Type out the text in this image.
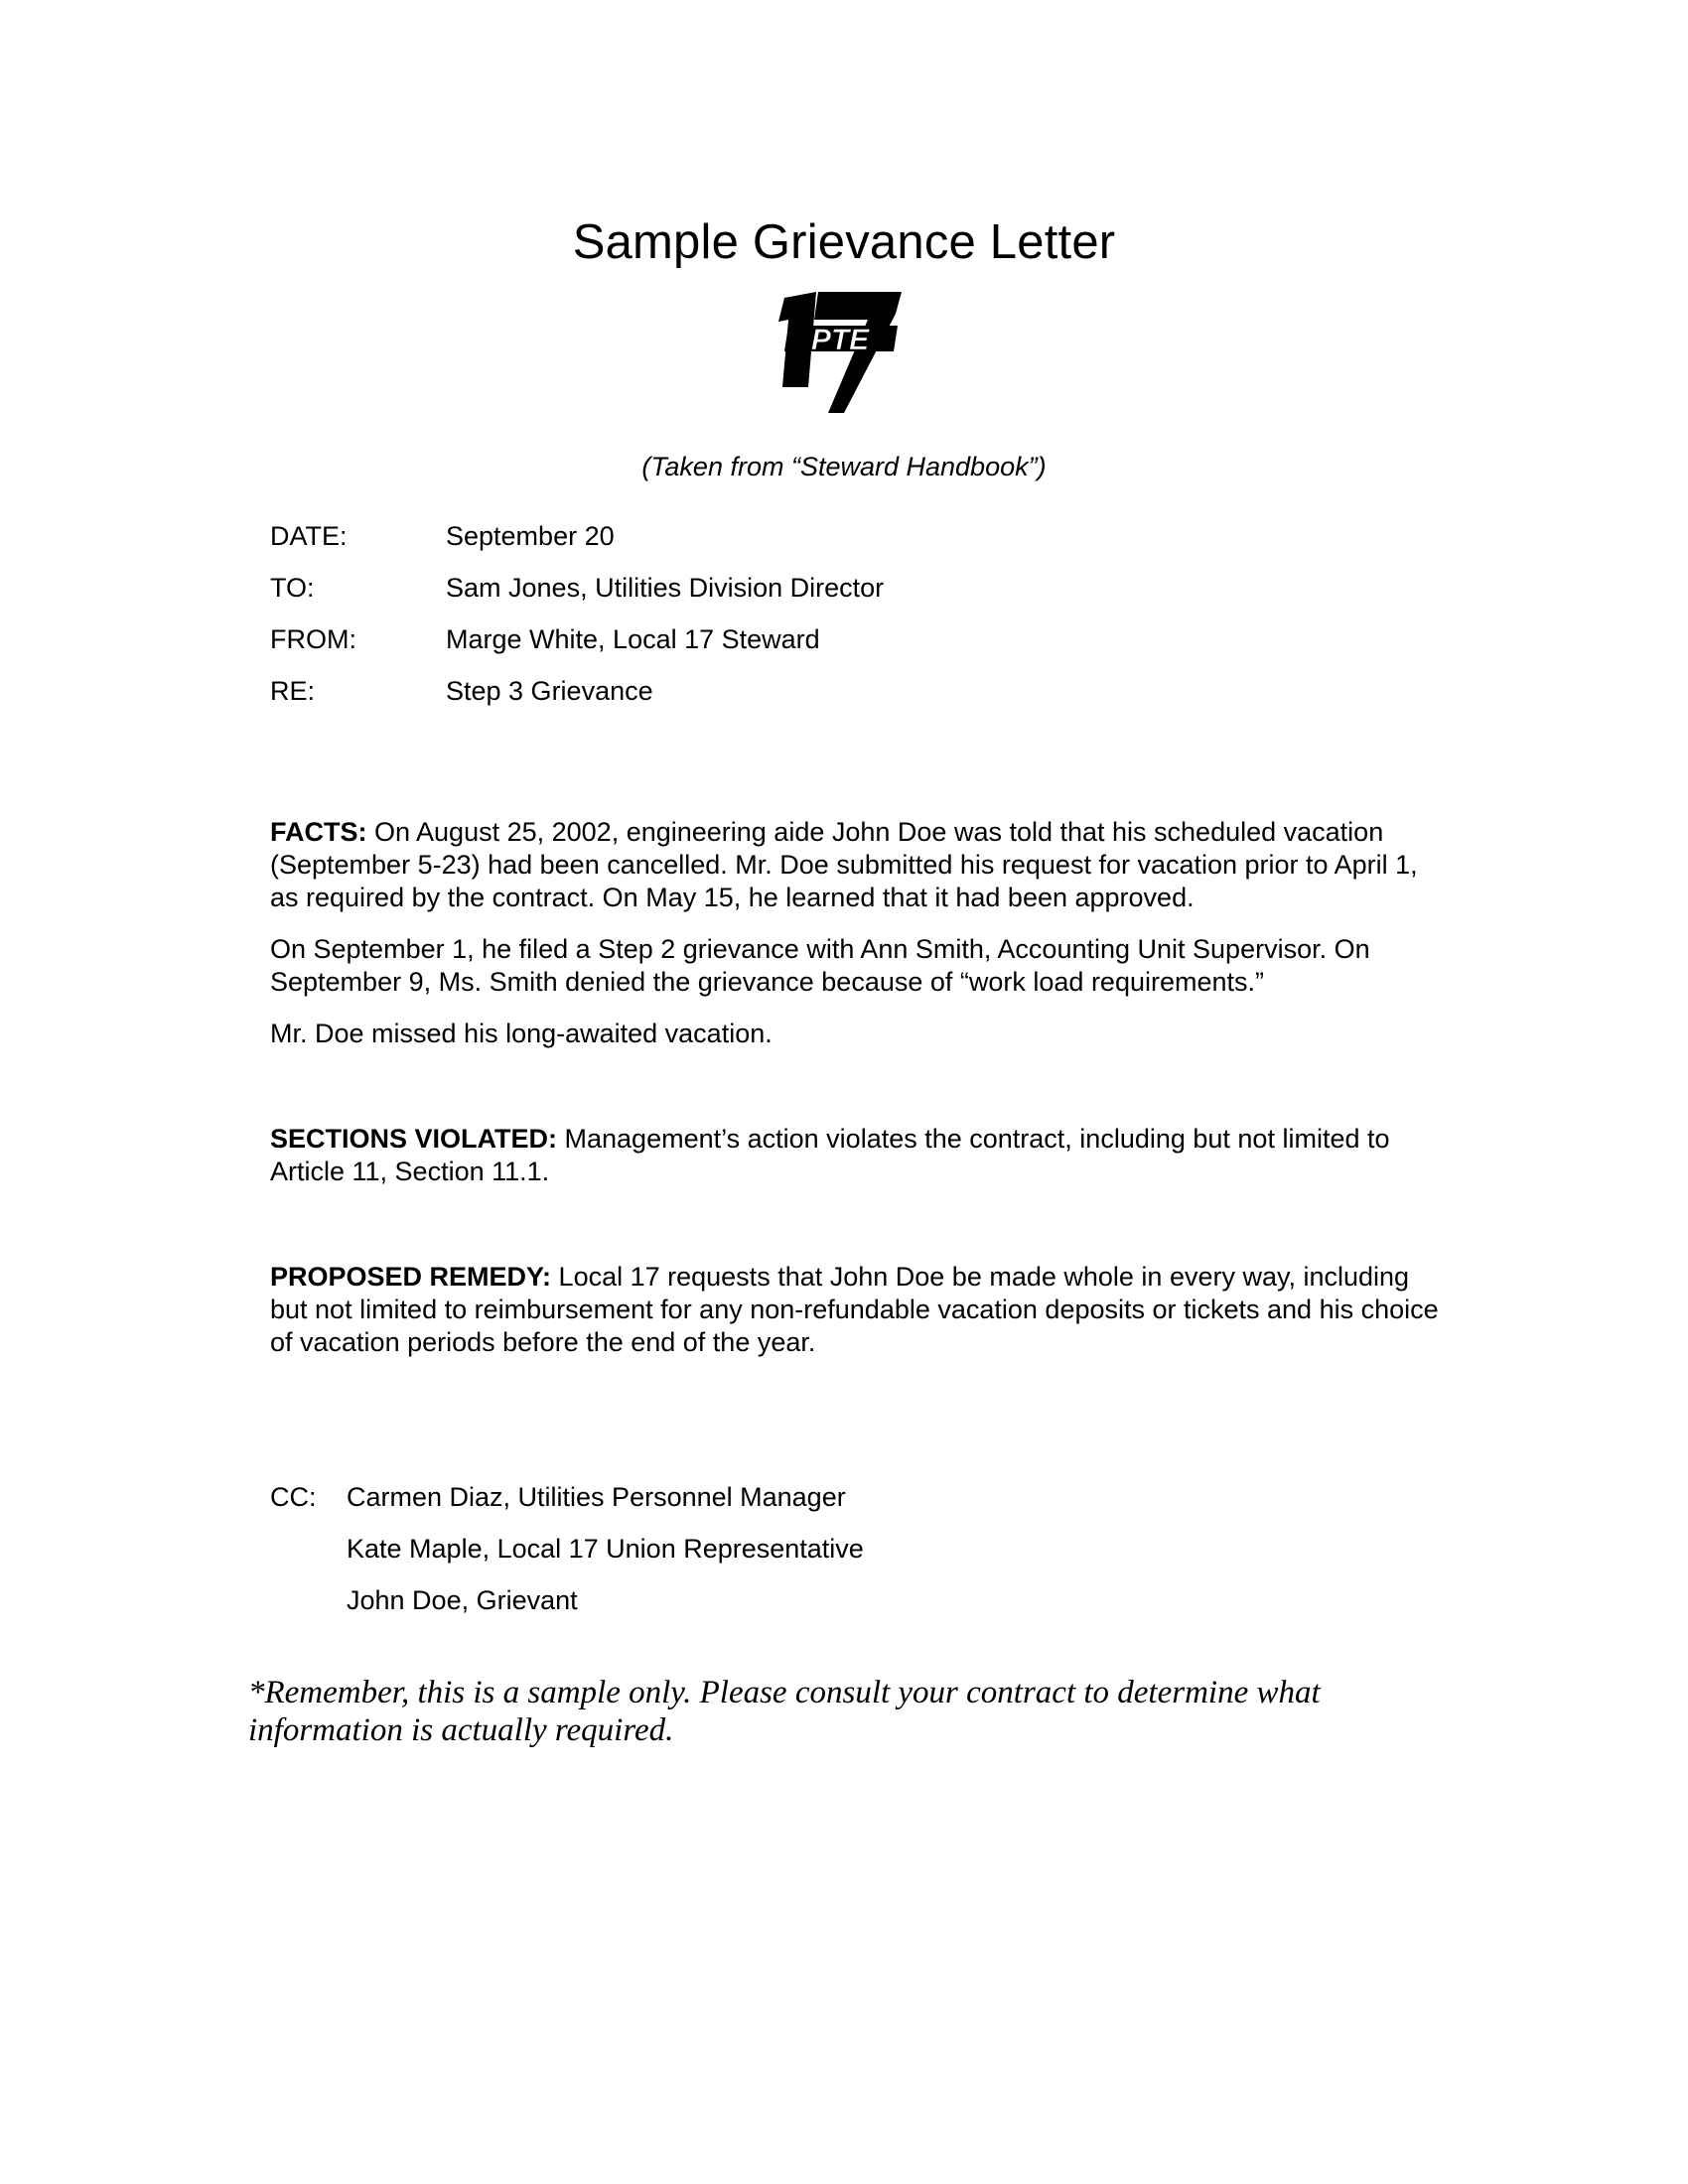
Sample Grievance Letter
PTE
(Taken from “Steward Handbook”)
DATE:	September 20
TO:	Sam Jones, Utilities Division Director
FROM:	Marge White, Local 17 Steward
RE:	Step 3 Grievance

FACTS: On August 25, 2002, engineering aide John Doe was told that his scheduled vacation (September 5-23) had been cancelled. Mr. Doe submitted his request for vacation prior to April 1, as required by the contract. On May 15, he learned that it had been approved.

On September 1, he filed a Step 2 grievance with Ann Smith, Accounting Unit Supervisor. On September 9, Ms. Smith denied the grievance because of “work load requirements.”

Mr. Doe missed his long-awaited vacation.

SECTIONS VIOLATED: Management’s action violates the contract, including but not limited to Article 11, Section 11.1.

PROPOSED REMEDY: Local 17 requests that John Doe be made whole in every way, including but not limited to reimbursement for any non-refundable vacation deposits or tickets and his choice of vacation periods before the end of the year.

CC: Carmen Diaz, Utilities Personnel Manager
Kate Maple, Local 17 Union Representative
John Doe, Grievant

*Remember, this is a sample only. Please consult your contract to determine what information is actually required.
